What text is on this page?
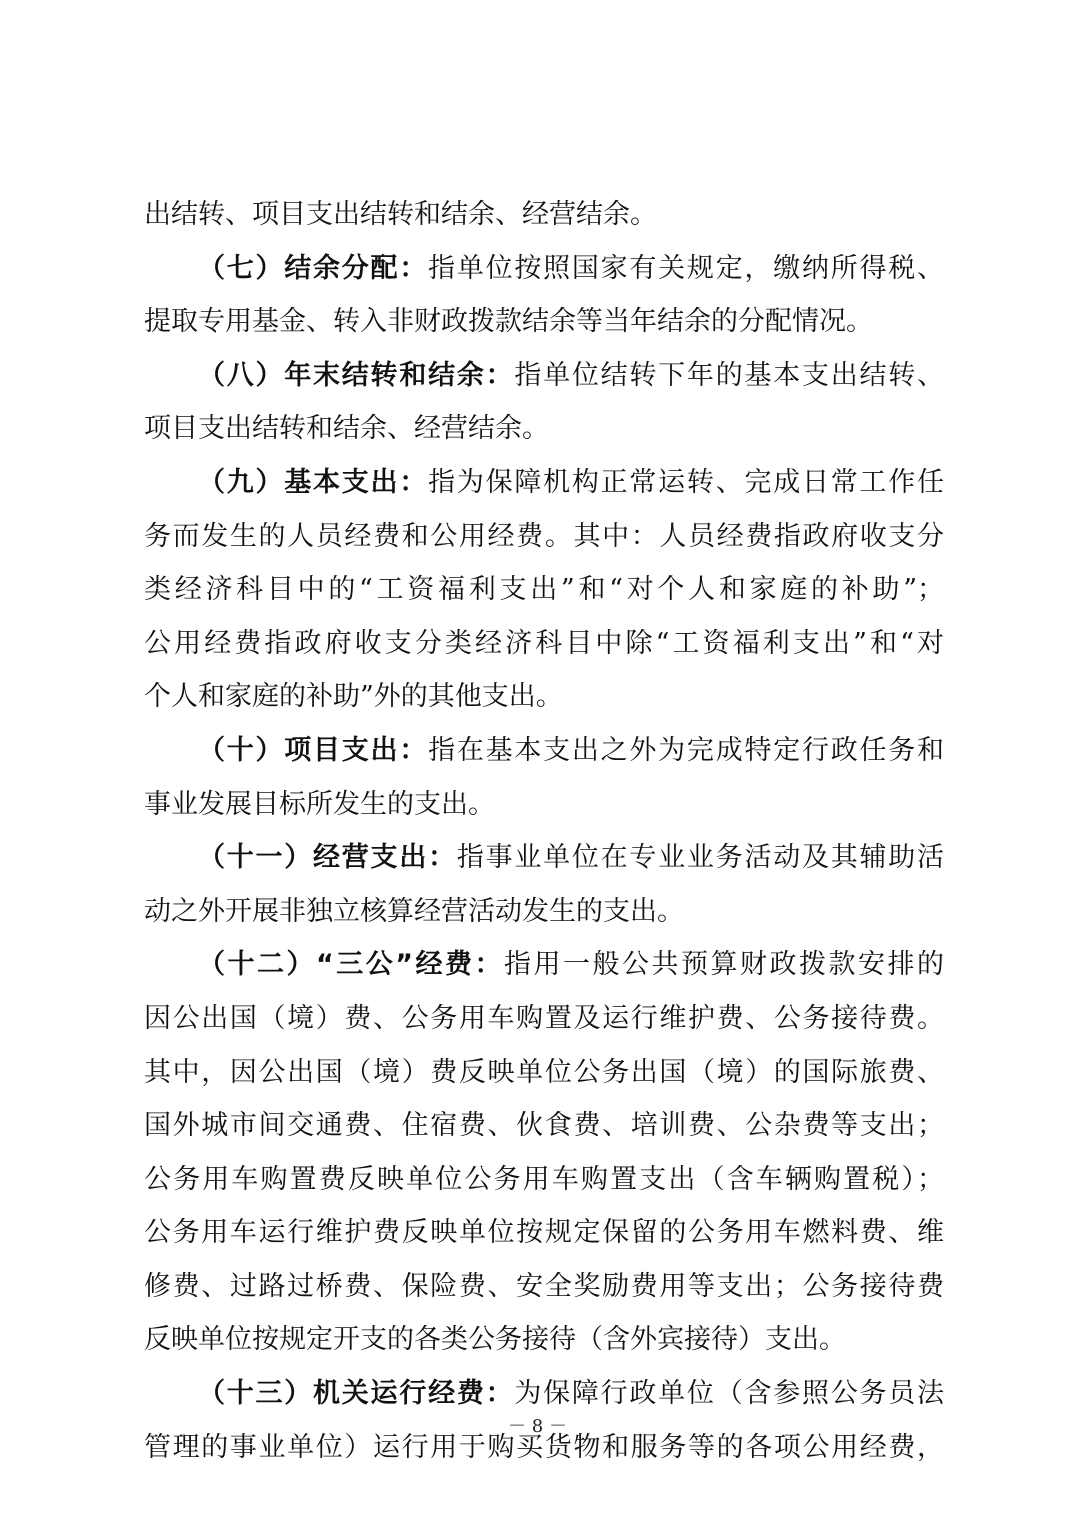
出结转、项目支出结转和结余、经营结余。
（七）结余分配：指单位按照国家有关规定，缴纳所得税、
提取专用基金、转入非财政拨款结余等当年结余的分配情况。
（八）年末结转和结余：指单位结转下年的基本支出结转、
项目支出结转和结余、经营结余。
（九）基本支出：指为保障机构正常运转、完成日常工作任
务而发生的人员经费和公用经费。其中：人员经费指政府收支分
类经济科目中的“工资福利支出”和“对个人和家庭的补助”；
公用经费指政府收支分类经济科目中除“工资福利支出”和“对
个人和家庭的补助”外的其他支出。
（十）项目支出：指在基本支出之外为完成特定行政任务和
事业发展目标所发生的支出。
（十一）经营支出：指事业单位在专业业务活动及其辅助活
动之外开展非独立核算经营活动发生的支出。
（十二）“三公”经费：指用一般公共预算财政拨款安排的
因公出国（境）费、公务用车购置及运行维护费、公务接待费。
其中，因公出国（境）费反映单位公务出国（境）的国际旅费、
国外城市间交通费、住宿费、伙食费、培训费、公杂费等支出；
公务用车购置费反映单位公务用车购置支出（含车辆购置税）；
公务用车运行维护费反映单位按规定保留的公务用车燃料费、维
修费、过路过桥费、保险费、安全奖励费用等支出；公务接待费
反映单位按规定开支的各类公务接待（含外宾接待）支出。
（十三）机关运行经费：为保障行政单位（含参照公务员法
管理的事业单位）运行用于购买货物和服务等的各项公用经费，
－ 8 －
